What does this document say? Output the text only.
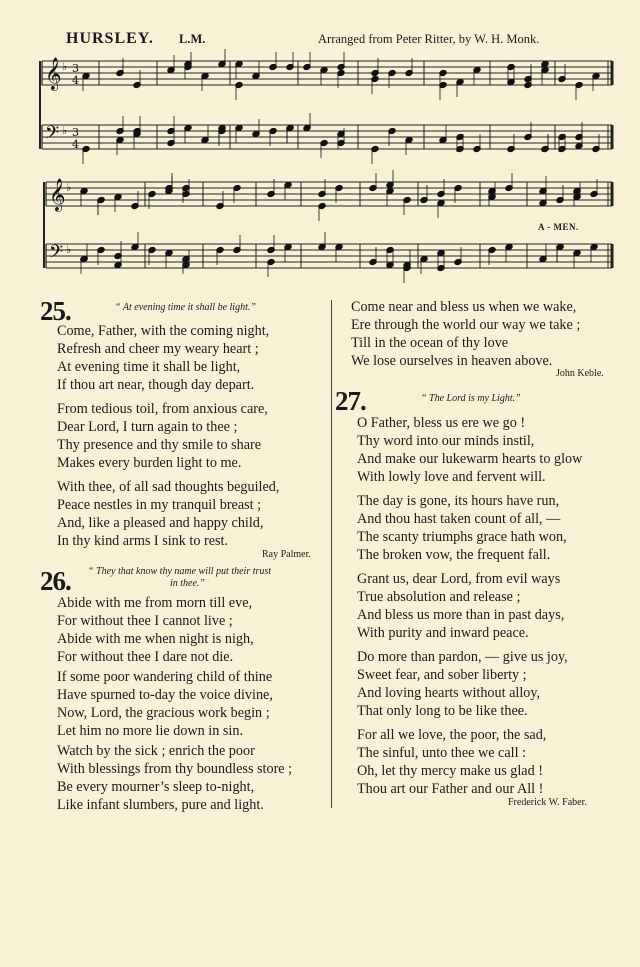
HURSLEY. L.M.	Arranged from Peter Ritter, by W. H. Monk.
𝄞 ♭ 3
4
𝄢 ♭ 3
4
𝄞 ♭
𝄢 ♭
A - MEN.
25.	“ At evening time it shall be light.”
Come, Father, with the coming night,
Refresh and cheer my weary heart ;
At evening time it shall be light,
If thou art near, though day depart.
From tedious toil, from anxious care,
Dear Lord, I turn again to thee ;
Thy presence and thy smile to share
Makes every burden light to me.
With thee, of all sad thoughts beguiled,
Peace nestles in my tranquil breast ;
And, like a pleased and happy child,
In thy kind arms I sink to rest.
Ray Palmer.
26. “ They that know thy name will put their trust
in thee.”
Abide with me from morn till eve,
For without thee I cannot live ;
Abide with me when night is nigh,
For without thee I dare not die.
If some poor wandering child of thine
Have spurned to-day the voice divine,
Now, Lord, the gracious work begin ;
Let him no more lie down in sin.
Watch by the sick ; enrich the poor
With blessings from thy boundless store ;
Be every mourner’s sleep to-night,
Like infant slumbers, pure and light.
Come near and bless us when we wake,
Ere through the world our way we take ;
Till in the ocean of thy love
We lose ourselves in heaven above.
John Keble.
27.	“ The Lord is my Light.”
O Father, bless us ere we go !
Thy word into our minds instil,
And make our lukewarm hearts to glow
With lowly love and fervent will.
The day is gone, its hours have run,
And thou hast taken count of all, —
The scanty triumphs grace hath won,
The broken vow, the frequent fall.
Grant us, dear Lord, from evil ways
True absolution and release ;
And bless us more than in past days,
With purity and inward peace.
Do more than pardon, — give us joy,
Sweet fear, and sober liberty ;
And loving hearts without alloy,
That only long to be like thee.
For all we love, the poor, the sad,
The sinful, unto thee we call :
Oh, let thy mercy make us glad !
Thou art our Father and our All !
Frederick W. Faber.
